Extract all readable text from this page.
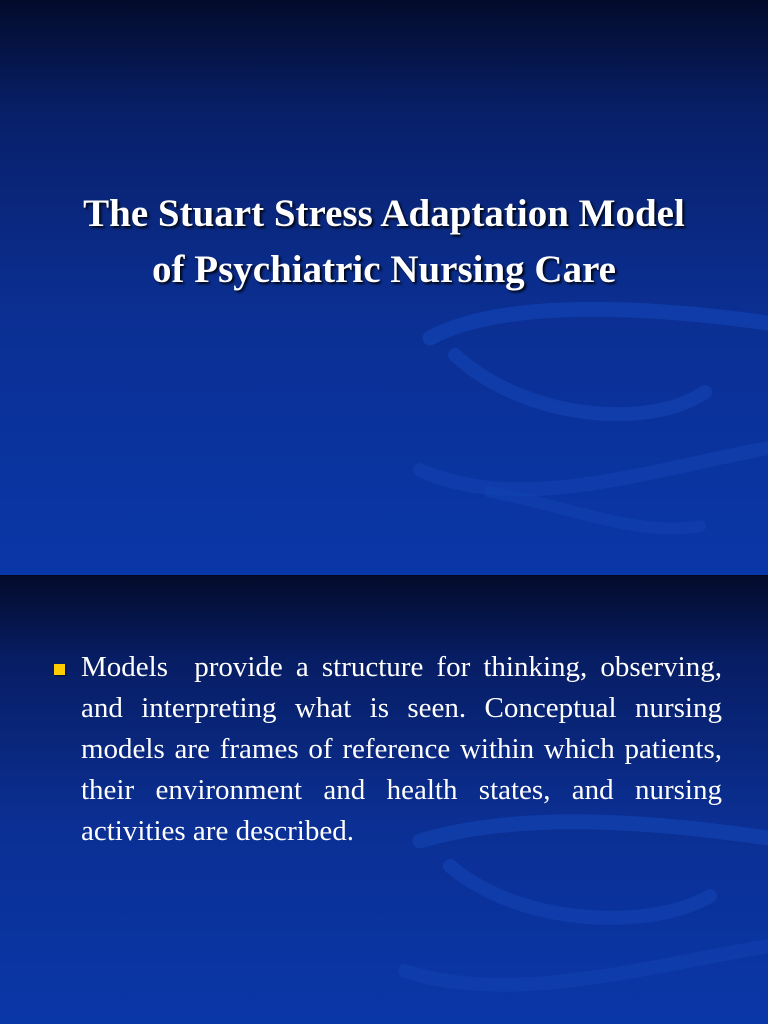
The Stuart Stress Adaptation Model
of Psychiatric Nursing Care
Models  provide a structure for thinking, observing, and interpreting what is seen. Conceptual nursing models are frames of reference within which patients, their environment and health states, and nursing activities are described.
